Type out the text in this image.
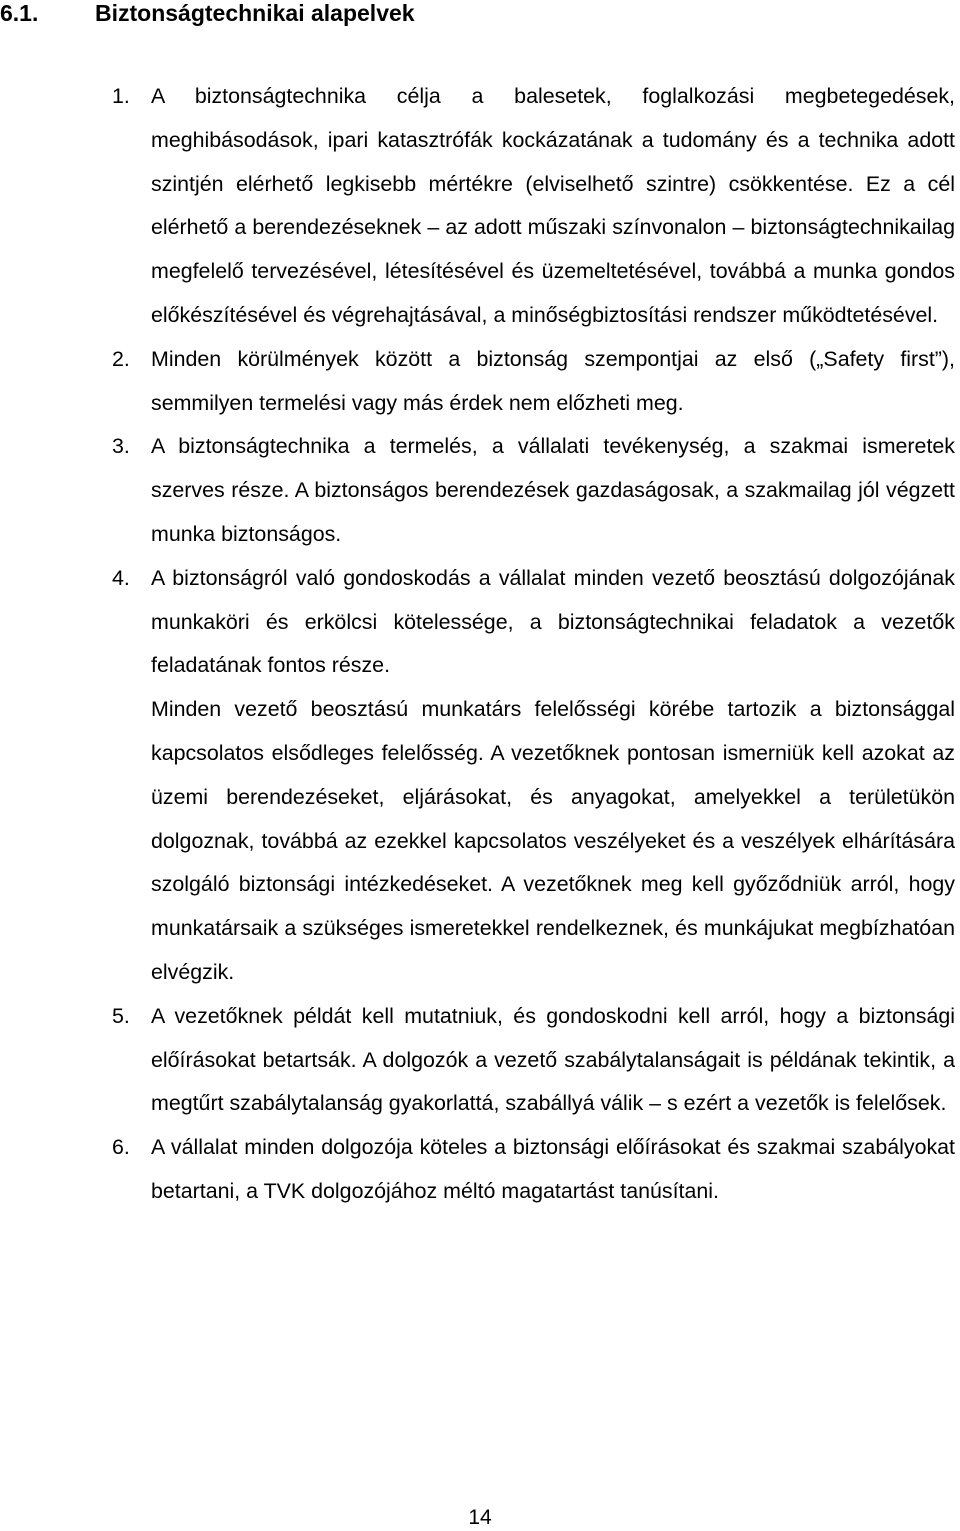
6.1. Biztonságtechnikai alapelvek
1. A biztonságtechnika célja a balesetek, foglalkozási megbetegedések, meghibásodások, ipari katasztrófák kockázatának a tudomány és a technika adott szintjén elérhető legkisebb mértékre (elviselhető szintre) csökkentése. Ez a cél elérhető a berendezéseknek – az adott műszaki színvonalon – biztonságtechnikailag megfelelő tervezésével, létesítésével és üzemeltetésével, továbbá a munka gondos előkészítésével és végrehajtásával, a minőségbiztosítási rendszer működtetésével.

2. Minden körülmények között a biztonság szempontjai az első („Safety first”), semmilyen termelési vagy más érdek nem előzheti meg.

3. A biztonságtechnika a termelés, a vállalati tevékenység, a szakmai ismeretek szerves része. A biztonságos berendezések gazdaságosak, a szakmailag jól végzett munka biztonságos.

4. A biztonságról való gondoskodás a vállalat minden vezető beosztású dolgozójának munkaköri és erkölcsi kötelessége, a biztonságtechnikai feladatok a vezetők feladatának fontos része.

Minden vezető beosztású munkatárs felelősségi körébe tartozik a biztonsággal kapcsolatos elsődleges felelősség. A vezetőknek pontosan ismerniük kell azokat az üzemi berendezéseket, eljárásokat, és anyagokat, amelyekkel a területükön dolgoznak, továbbá az ezekkel kapcsolatos veszélyeket és a veszélyek elhárítására szolgáló biztonsági intézkedéseket. A vezetőknek meg kell győződniük arról, hogy munkatársaik a szükséges ismeretekkel rendelkeznek, és munkájukat megbízhatóan elvégzik.

5. A vezetőknek példát kell mutatniuk, és gondoskodni kell arról, hogy a biztonsági előírásokat betartsák. A dolgozók a vezető szabálytalanságait is példának tekintik, a megtűrt szabálytalanság gyakorlattá, szabállyá válik – s ezért a vezetők is felelősek.

6. A vállalat minden dolgozója köteles a biztonsági előírásokat és szakmai szabályokat betartani, a TVK dolgozójához méltó magatartást tanúsítani.

14
